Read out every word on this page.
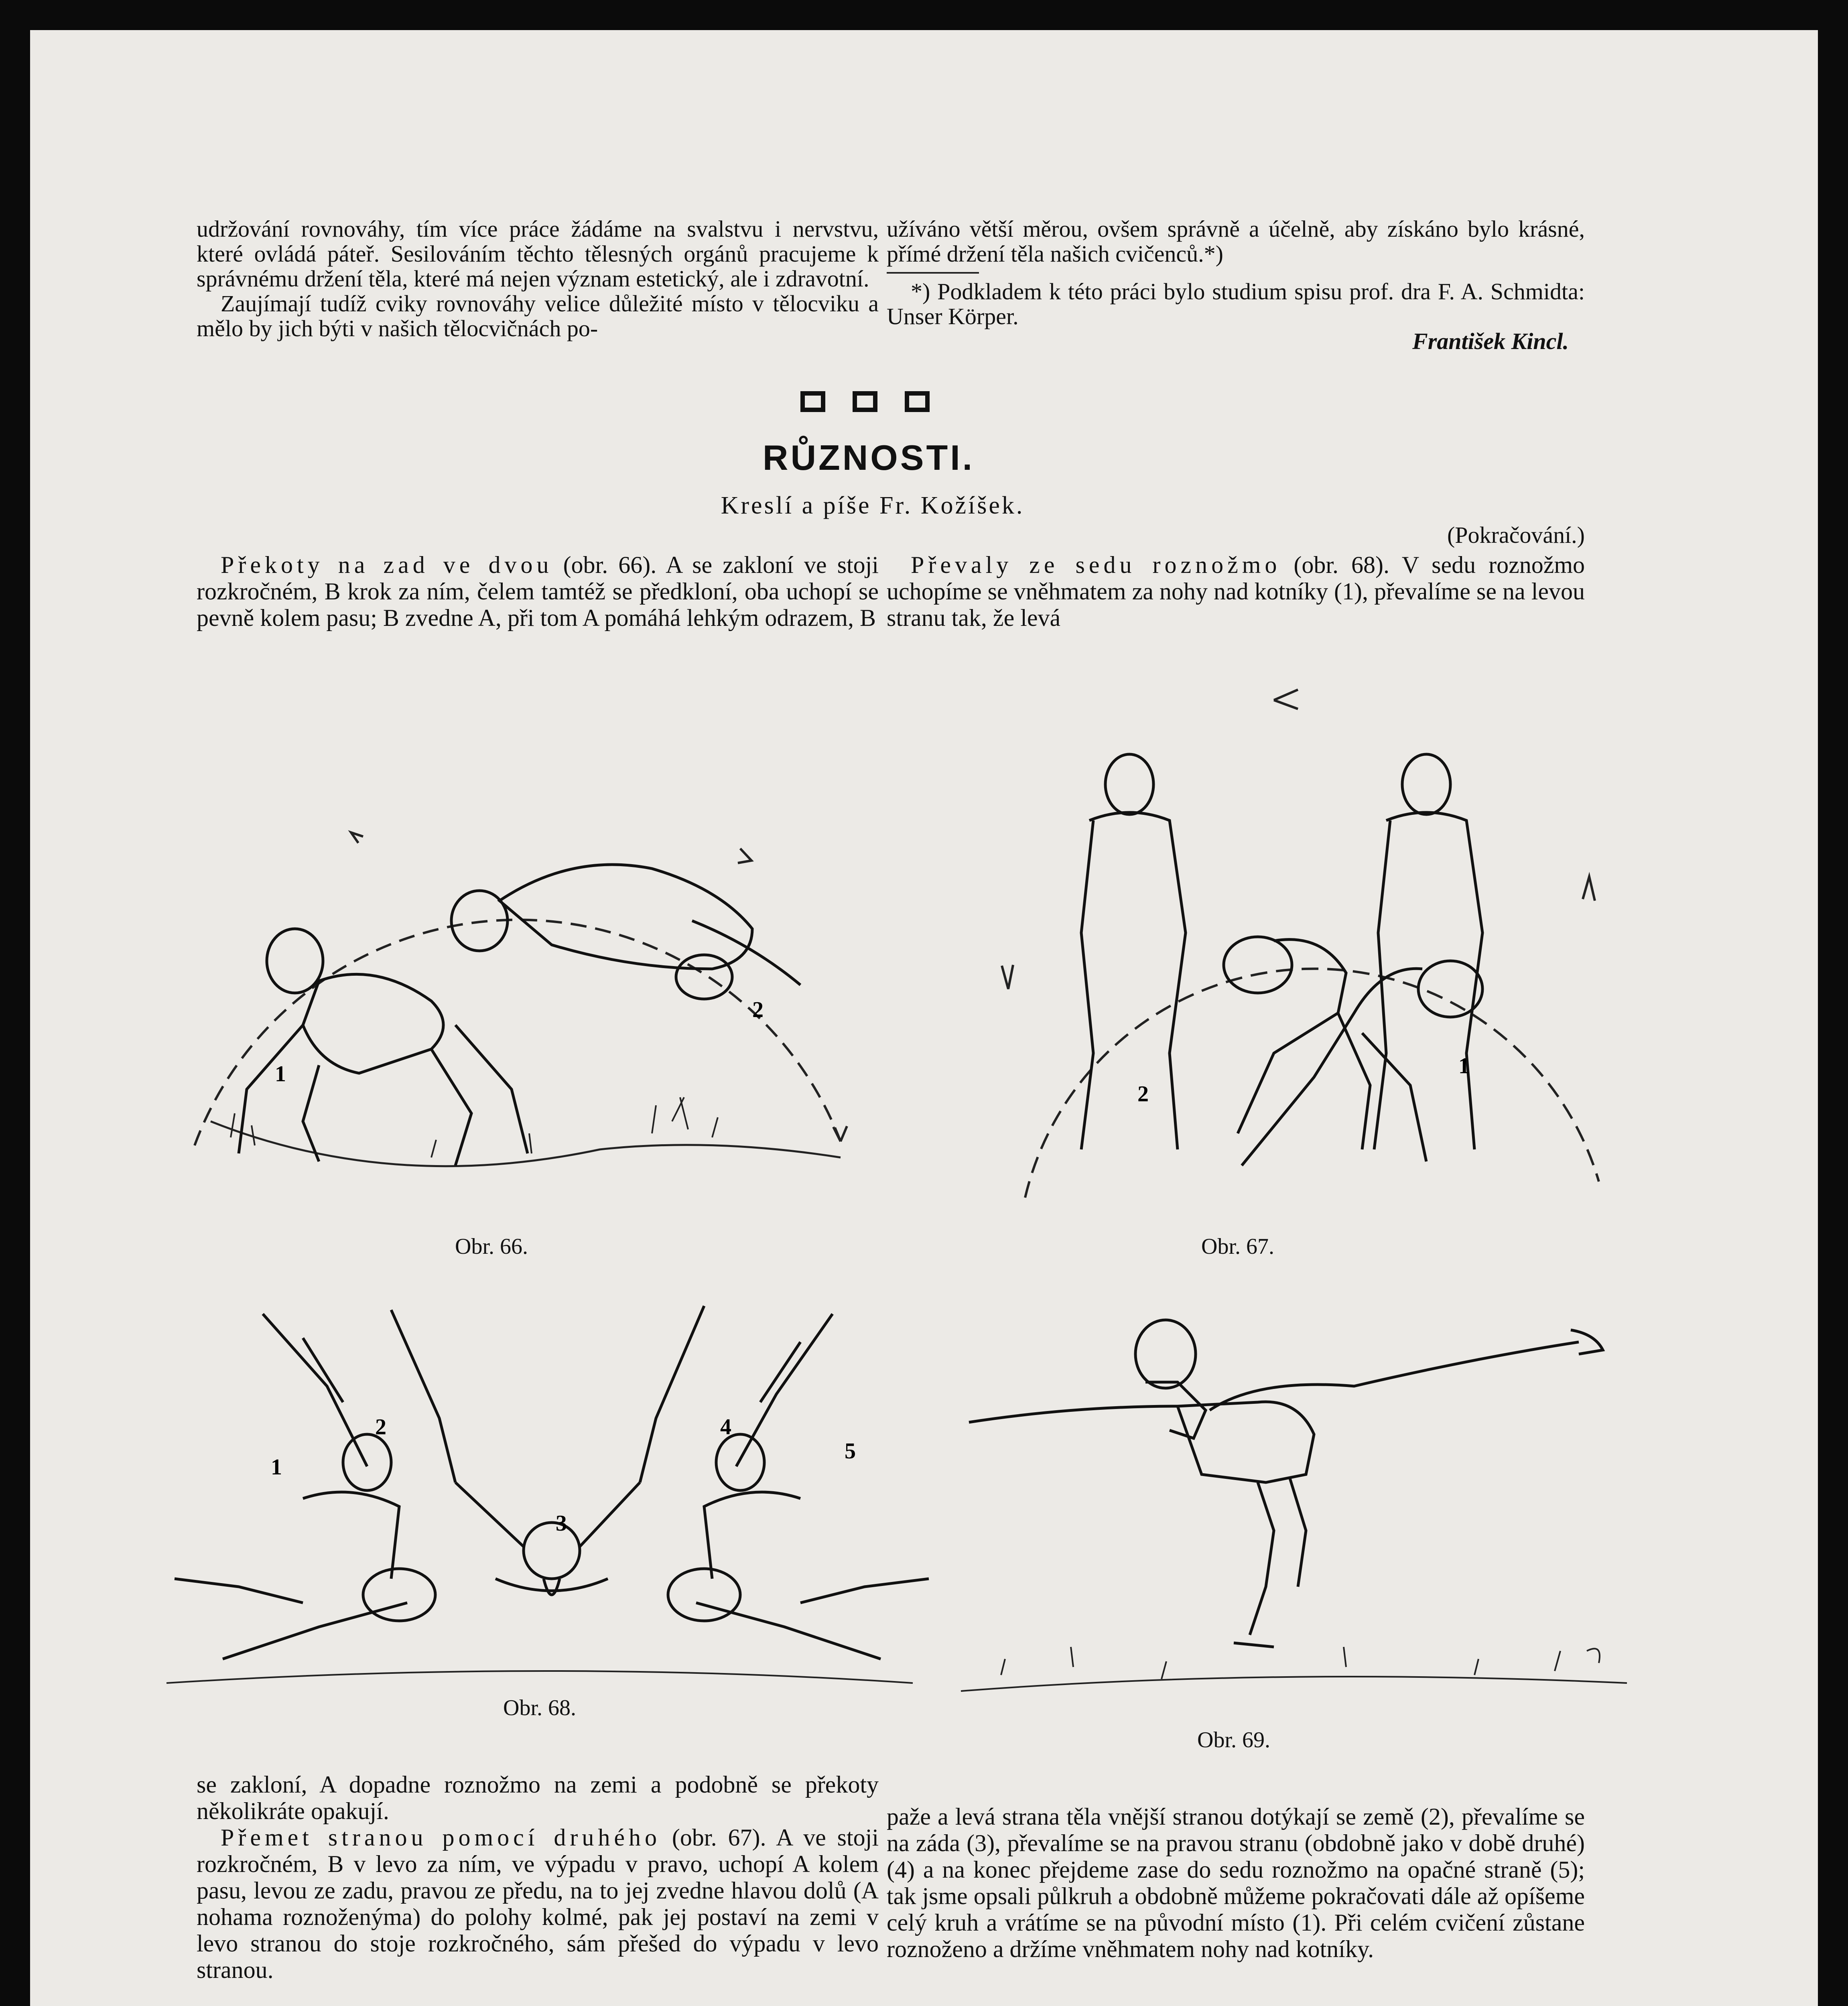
udržování rovnováhy, tím více práce žádáme na svalstvu i nervstvu, které ovládá páteř. Sesilováním těchto tělesných orgánů pracujeme k správnému držení těla, které má nejen význam estetický, ale i zdravotní.

Zaujímají tudíž cviky rovnováhy velice důležité místo v tělocviku a mělo by jich býti v našich tělocvičnách po-

užíváno větší měrou, ovšem správně a účelně, aby získáno bylo krásné, přímé držení těla našich cvičenců.*)

*) Podkladem k této práci bylo studium spisu prof. dra F. A. Schmidta: Unser Körper.

František Kincl.

RŮZNOSTI.
Kreslí a píše Fr. Kožíšek.
(Pokračování.)
Překoty na zad ve dvou (obr. 66). A se zakloní ve stoji rozkročném, B krok za ním, čelem tamtéž se předkloní, oba uchopí se pevně kolem pasu; B zvedne A, při tom A pomáhá lehkým odrazem, B
Převaly ze sedu roznožmo (obr. 68). V sedu roznožmo uchopíme se vněhmatem za nohy nad kotníky (1), převalíme se na levou stranu tak, že levá
1
2
Obr. 66.
2
1
Obr. 67.
1
2
3
4
5
Obr. 68.
Obr. 69.

se zakloní, A dopadne roznožmo na zemi a podobně se překoty několikráte opakují.

Přemet stranou pomocí druhého (obr. 67). A ve stoji rozkročném, B v levo za ním, ve výpadu v pravo, uchopí A kolem pasu, levou ze zadu, pravou ze předu, na to jej zvedne hlavou dolů (A nohama roznoženýma) do polohy kolmé, pak jej postaví na zemi v levo stranou do stoje rozkročného, sám přešed do výpadu v levo stranou.

paže a levá strana těla vnější stranou dotýkají se země (2), převalíme se na záda (3), převalíme se na pravou stranu (obdobně jako v době druhé) (4) a na konec přejdeme zase do sedu roznožmo na opačné straně (5); tak jsme opsali půlkruh a obdobně můžeme pokračovati dále až opíšeme celý kruh a vrátíme se na původní místo (1). Při celém cvičení zůstane roznoženo a držíme vněhmatem nohy nad kotníky.
